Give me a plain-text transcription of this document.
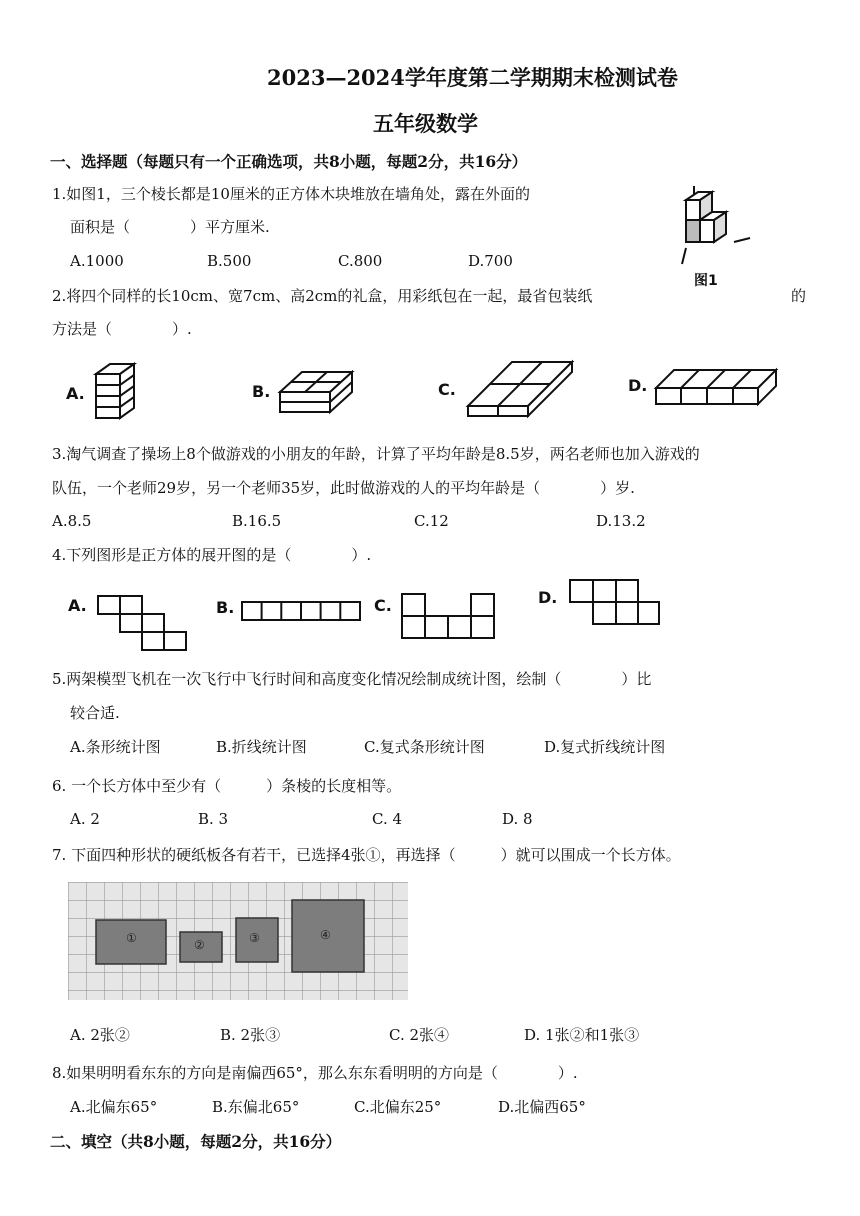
2023—2024学年度第二学期期末检测试卷
五年级数学
一、选择题（每题只有一个正确选项，共8小题，每题2分，共16分）
1.如图1，三个棱长都是10厘米的正方体木块堆放在墙角处，露在外面的
面积是（　　　　）平方厘米.
A.1000	B.500	C.800	D.700
图1
2.将四个同样的长10cm、宽7cm、高2cm的礼盒，用彩纸包在一起，最省包装纸	的
方法是（　　　　）.
A.	B.	C.	D.
3.淘气调查了操场上8个做游戏的小朋友的年龄，计算了平均年龄是8.5岁，两名老师也加入游戏的
队伍，一个老师29岁，另一个老师35岁，此时做游戏的人的平均年龄是（　　　　）岁.
A.8.5	B.16.5	C.12	D.13.2
4.下列图形是正方体的展开图的是（　　　　）.
A.	B.	C.	D.
5.两架模型飞机在一次飞行中飞行时间和高度变化情况绘制成统计图，绘制（　　　　）比
较合适.
A.条形统计图	B.折线统计图	C.复式条形统计图	D.复式折线统计图
6. 一个长方体中至少有（　　　）条棱的长度相等。
A. 2	B. 3	C. 4	D. 8
7. 下面四种形状的硬纸板各有若干，已选择4张①，再选择（　　　）就可以围成一个长方体。
①	②	③	④
A. 2张②	B. 2张③	C. 2张④	D. 1张②和1张③
8.如果明明看东东的方向是南偏西65°，那么东东看明明的方向是（　　　　）.
A.北偏东65°	B.东偏北65°	C.北偏东25°	D.北偏西65°
二、填空（共8小题，每题2分，共16分）
